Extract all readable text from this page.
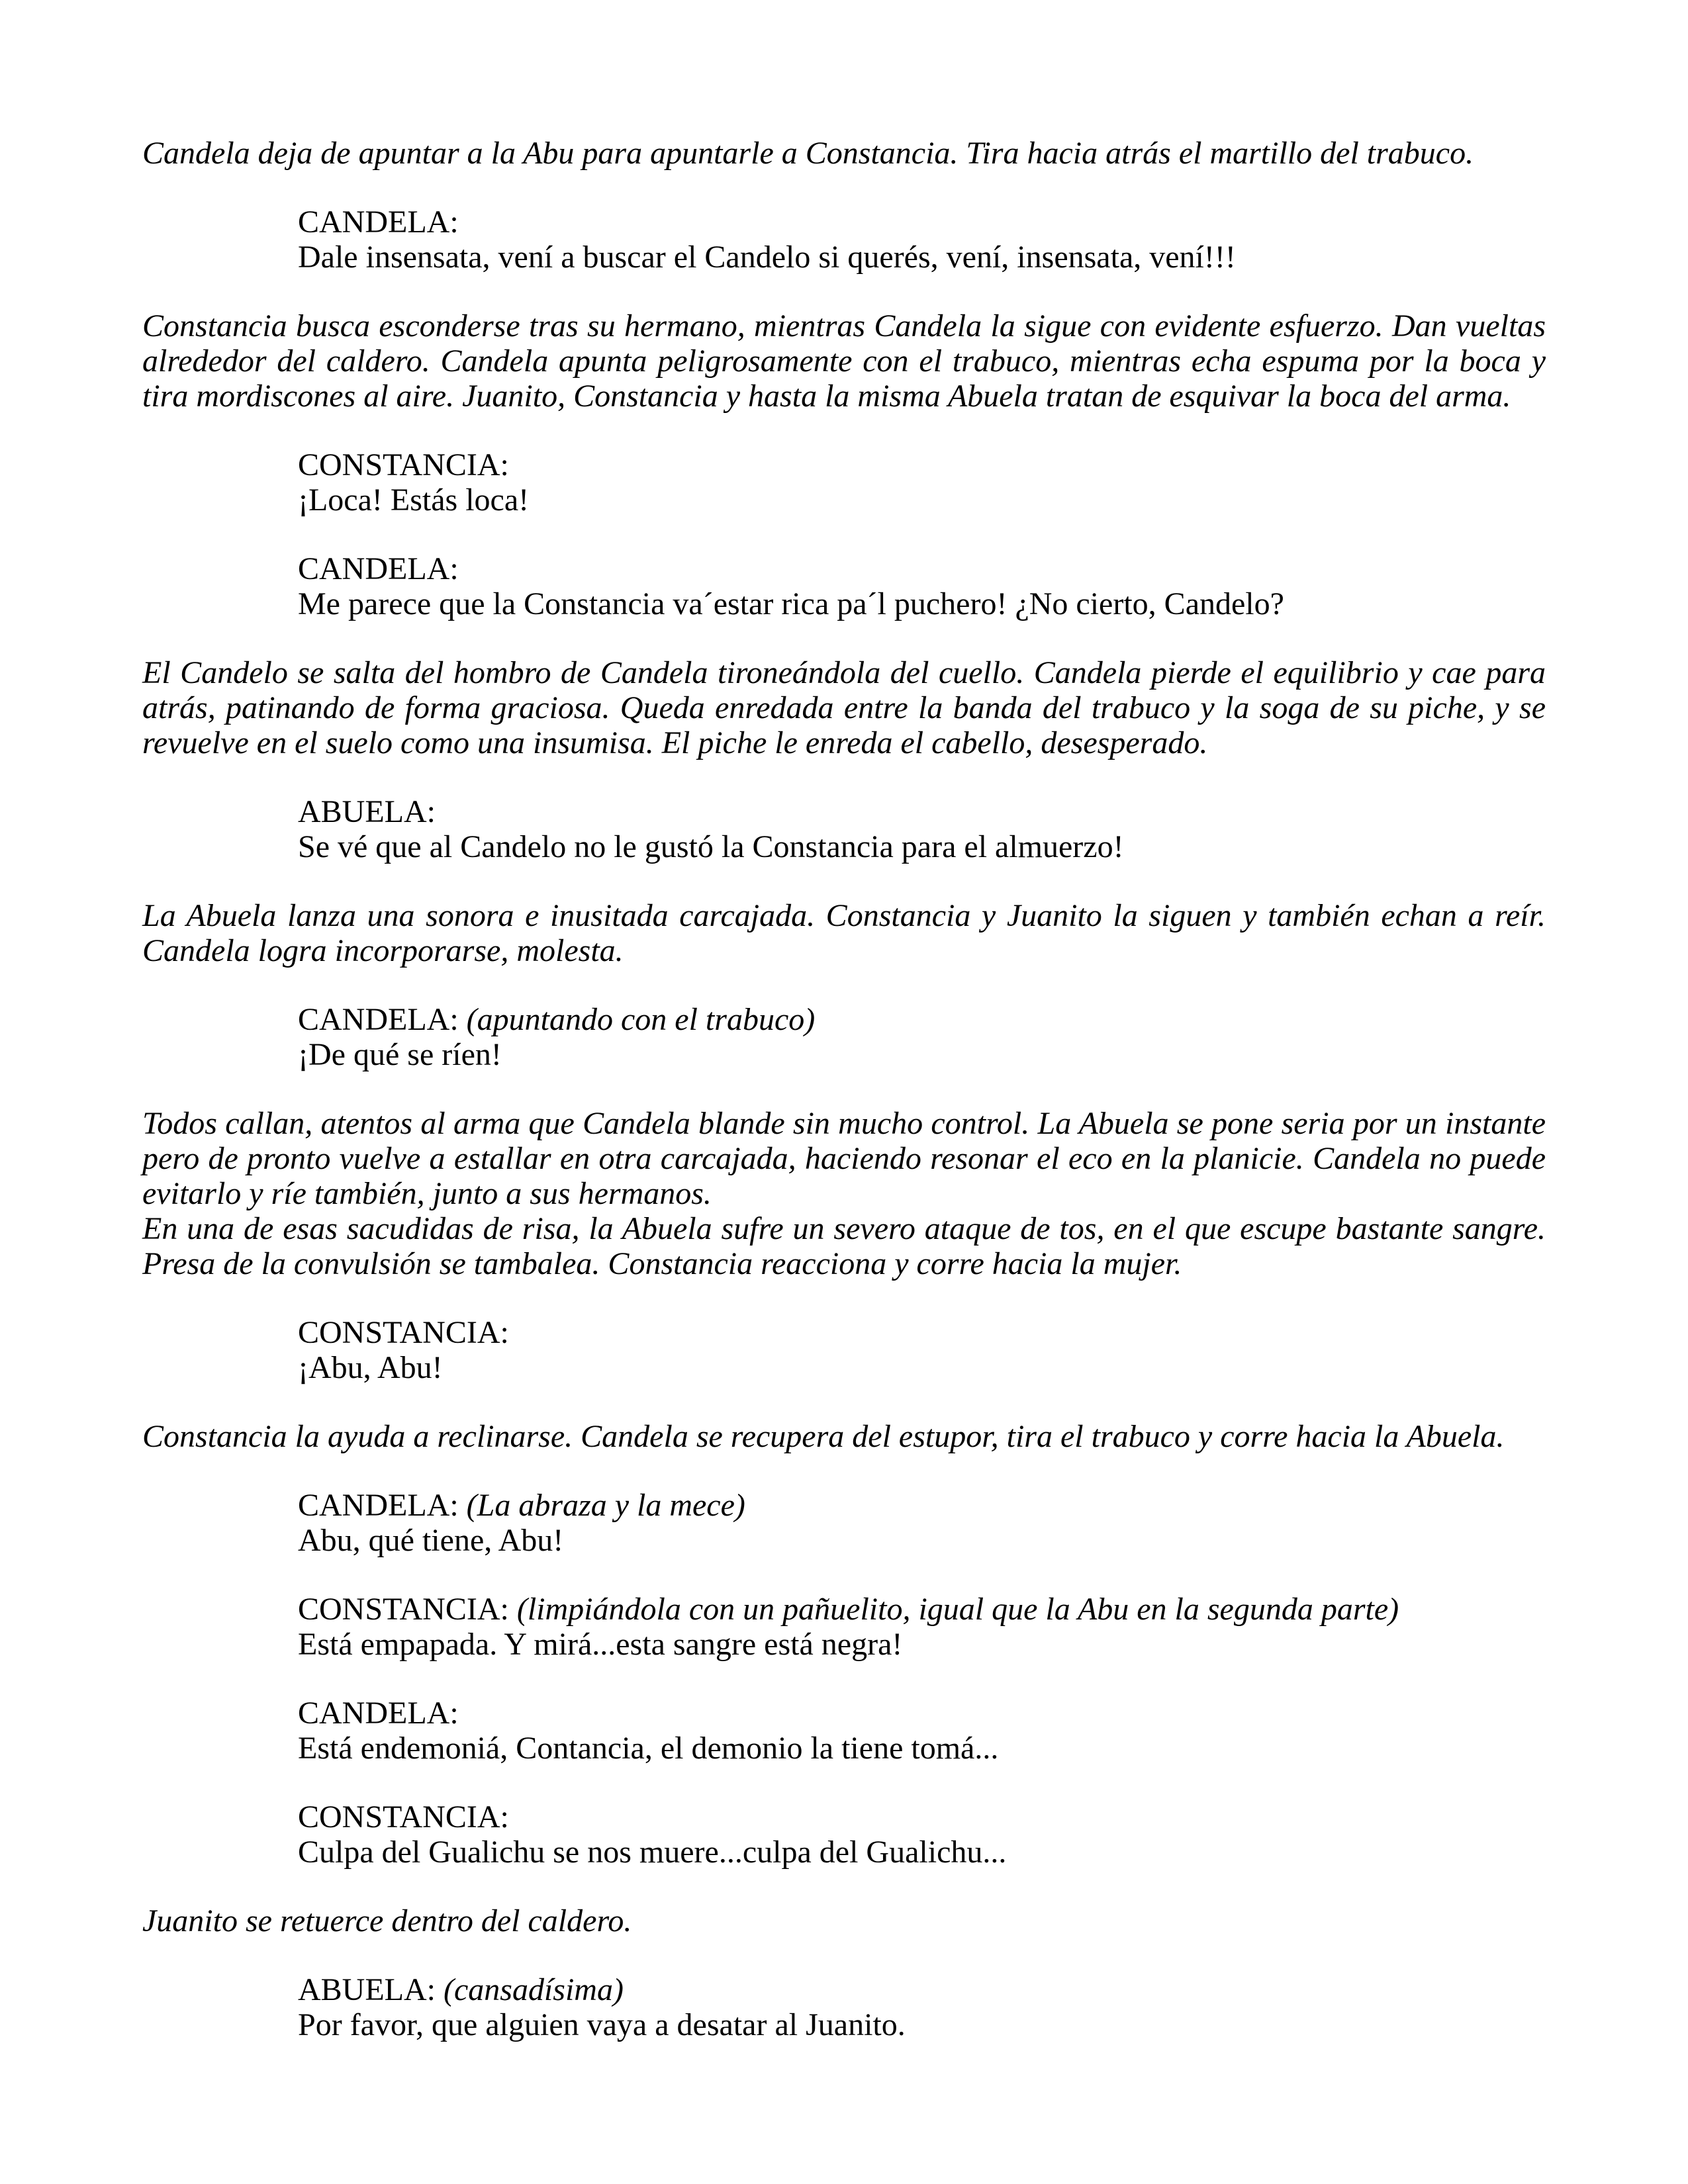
Candela deja de apuntar a la Abu para apuntarle a Constancia. Tira hacia atrás el martillo del trabuco.

CANDELA:

Dale insensata, vení a buscar el Candelo si querés, vení, insensata, vení!!!

Constancia busca esconderse tras su hermano, mientras Candela la sigue con evidente esfuerzo. Dan vueltas alrededor del caldero. Candela apunta peligrosamente con el trabuco, mientras echa espuma por la boca y tira mordiscones al aire. Juanito, Constancia y hasta la misma Abuela tratan de esquivar la boca del arma.

CONSTANCIA:

¡Loca! Estás loca!

CANDELA:

Me parece que la Constancia va´estar rica pa´l puchero! ¿No cierto, Candelo?

El Candelo se salta del hombro de Candela tironeándola del cuello. Candela pierde el equilibrio y cae para atrás, patinando de forma graciosa. Queda enredada entre la banda del trabuco y la soga de su piche, y se revuelve en el suelo como una insumisa. El piche le enreda el cabello, desesperado.

ABUELA:

Se vé que al Candelo no le gustó la Constancia para el almuerzo!

La Abuela lanza una sonora e inusitada carcajada. Constancia y Juanito la siguen y también echan a reír. Candela logra incorporarse, molesta.

CANDELA: (apuntando con el trabuco)

¡De qué se ríen!

Todos callan, atentos al arma que Candela blande sin mucho control. La Abuela se pone seria por un instante pero de pronto vuelve a estallar en otra carcajada, haciendo resonar el eco en la planicie. Candela no puede evitarlo y ríe también, junto a sus hermanos.

En una de esas sacudidas de risa, la Abuela sufre un severo ataque de tos, en el que escupe bastante sangre. Presa de la convulsión se tambalea. Constancia reacciona y corre hacia la mujer.

CONSTANCIA:

¡Abu, Abu!

Constancia la ayuda a reclinarse. Candela se recupera del estupor, tira el trabuco y corre hacia la Abuela.

CANDELA: (La abraza y la mece)

Abu, qué tiene, Abu!

CONSTANCIA: (limpiándola con un pañuelito, igual que la Abu en la segunda parte)

Está empapada. Y mirá...esta sangre está negra!

CANDELA:

Está endemoniá, Contancia, el demonio la tiene tomá...

CONSTANCIA:

Culpa del Gualichu se nos muere...culpa del Gualichu...

Juanito se retuerce dentro del caldero.

ABUELA: (cansadísima)

Por favor, que alguien vaya a desatar al Juanito.
